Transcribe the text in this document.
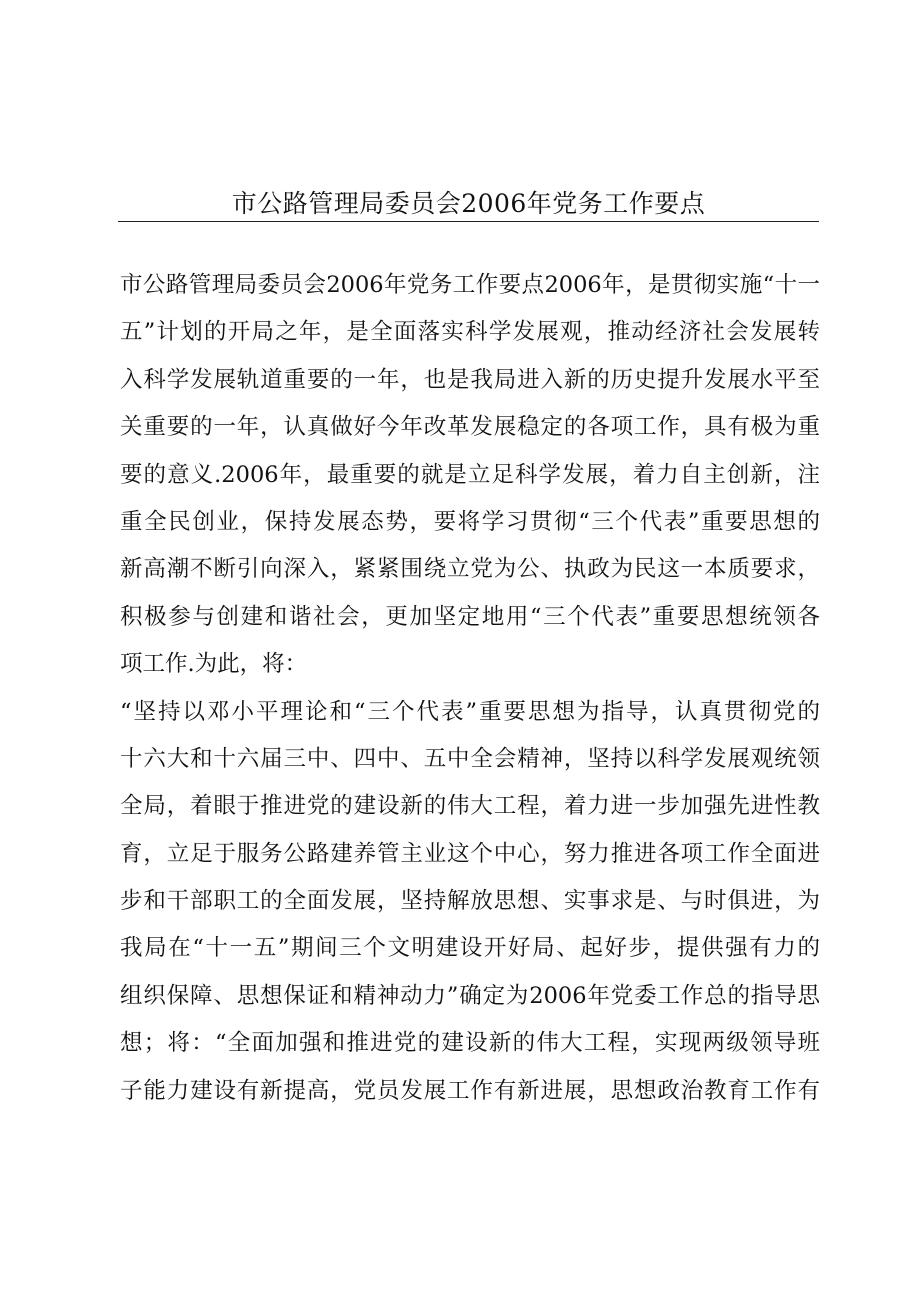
市公路管理局委员会2006年党务工作要点
市公路管理局委员会2006年党务工作要点2006年，是贯彻实施“十一
五”计划的开局之年，是全面落实科学发展观，推动经济社会发展转
入科学发展轨道重要的一年，也是我局进入新的历史提升发展水平至
关重要的一年，认真做好今年改革发展稳定的各项工作，具有极为重
要的意义.2006年，最重要的就是立足科学发展，着力自主创新，注
重全民创业，保持发展态势，要将学习贯彻“三个代表”重要思想的
新高潮不断引向深入，紧紧围绕立党为公、执政为民这一本质要求，
积极参与创建和谐社会，更加坚定地用“三个代表”重要思想统领各
项工作.为此，将：
“坚持以邓小平理论和“三个代表”重要思想为指导，认真贯彻党的
十六大和十六届三中、四中、五中全会精神，坚持以科学发展观统领
全局，着眼于推进党的建设新的伟大工程，着力进一步加强先进性教
育，立足于服务公路建养管主业这个中心，努力推进各项工作全面进
步和干部职工的全面发展，坚持解放思想、实事求是、与时俱进，为
我局在“十一五”期间三个文明建设开好局、起好步，提供强有力的
组织保障、思想保证和精神动力”确定为2006年党委工作总的指导思
想；将：“全面加强和推进党的建设新的伟大工程，实现两级领导班
子能力建设有新提高，党员发展工作有新进展，思想政治教育工作有
